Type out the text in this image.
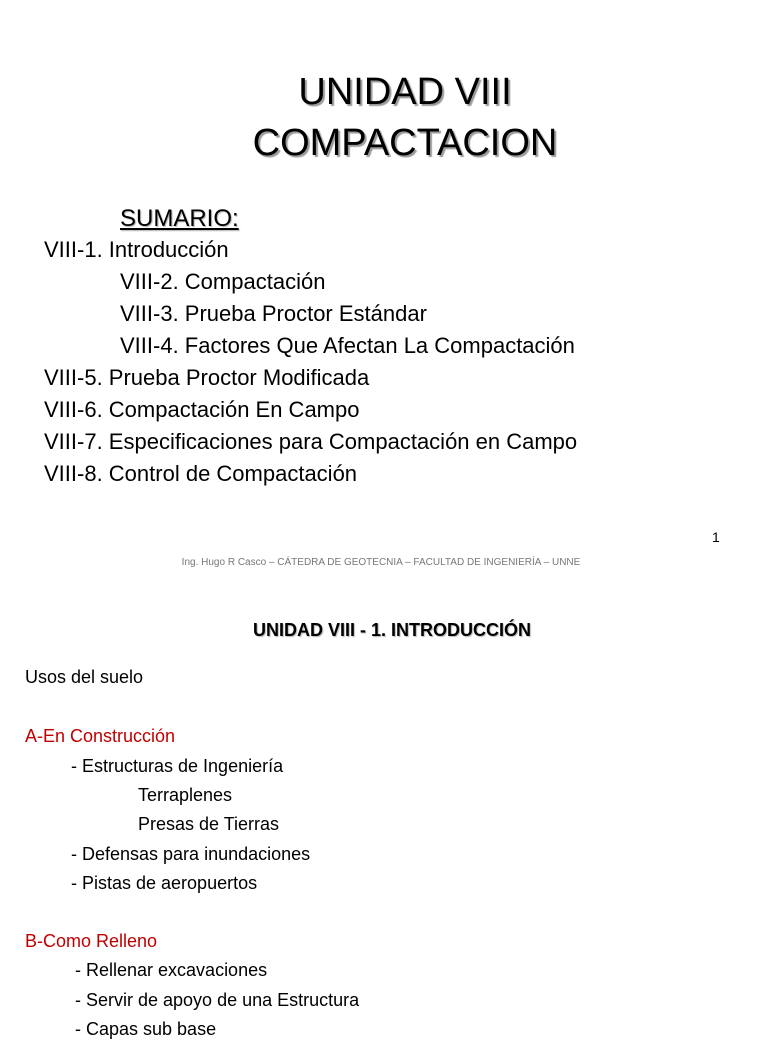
UNIDAD VIII
COMPACTACION
SUMARIO:
VIII-1. Introducción
VIII-2. Compactación
VIII-3. Prueba Proctor Estándar
VIII-4. Factores Que Afectan La Compactación
VIII-5. Prueba Proctor Modificada
VIII-6. Compactación En Campo
VIII-7. Especificaciones para Compactación en Campo
VIII-8. Control de Compactación
1
Ing. Hugo R Casco – CÁTEDRA DE GEOTECNIA – FACULTAD DE INGENIERÍA – UNNE
UNIDAD VIII - 1. INTRODUCCIÓN
Usos del suelo
A-En Construcción
- Estructuras de Ingeniería
Terraplenes
Presas de Tierras
- Defensas para inundaciones
- Pistas de aeropuertos
B-Como Relleno
- Rellenar excavaciones
- Servir de apoyo de una Estructura
- Capas sub base
